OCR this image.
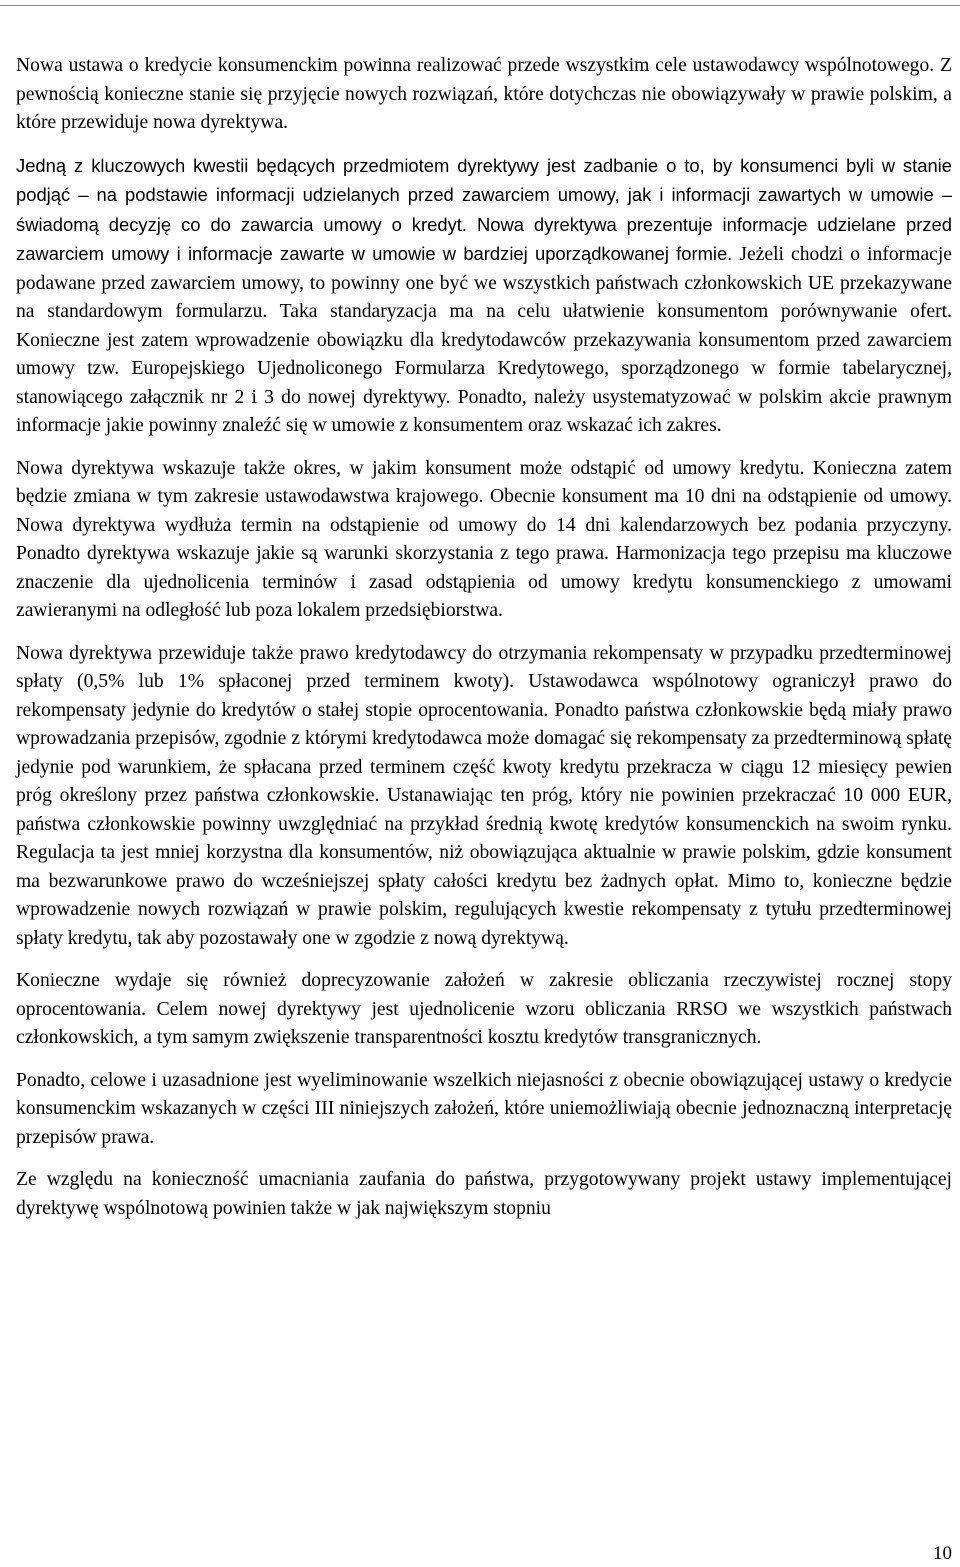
Nowa ustawa o kredycie konsumenckim powinna realizować przede wszystkim cele ustawodawcy wspólnotowego. Z pewnością konieczne stanie się przyjęcie nowych rozwiązań, które dotychczas nie obowiązywały w prawie polskim, a które przewiduje nowa dyrektywa.

Jedną z kluczowych kwestii będących przedmiotem dyrektywy jest zadbanie o to, by konsumenci byli w stanie podjąć – na podstawie informacji udzielanych przed zawarciem umowy, jak i informacji zawartych w umowie – świadomą decyzję co do zawarcia umowy o kredyt. Nowa dyrektywa prezentuje informacje udzielane przed zawarciem umowy i informacje zawarte w umowie w bardziej uporządkowanej formie. Jeżeli chodzi o informacje podawane przed zawarciem umowy, to powinny one być we wszystkich państwach członkowskich UE przekazywane na standardowym formularzu. Taka standaryzacja ma na celu ułatwienie konsumentom porównywanie ofert. Konieczne jest zatem wprowadzenie obowiązku dla kredytodawców przekazywania konsumentom przed zawarciem umowy tzw. Europejskiego Ujednoliconego Formularza Kredytowego, sporządzonego w formie tabelarycznej, stanowiącego załącznik nr 2 i 3 do nowej dyrektywy. Ponadto, należy usystematyzować w polskim akcie prawnym informacje jakie powinny znaleźć się w umowie z konsumentem oraz wskazać ich zakres.

Nowa dyrektywa wskazuje także okres, w jakim konsument może odstąpić od umowy kredytu. Konieczna zatem będzie zmiana w tym zakresie ustawodawstwa krajowego. Obecnie konsument ma 10 dni na odstąpienie od umowy. Nowa dyrektywa wydłuża termin na odstąpienie od umowy do 14 dni kalendarzowych bez podania przyczyny. Ponadto dyrektywa wskazuje jakie są warunki skorzystania z tego prawa. Harmonizacja tego przepisu ma kluczowe znaczenie dla ujednolicenia terminów i zasad odstąpienia od umowy kredytu konsumenckiego z umowami zawieranymi na odległość lub poza lokalem przedsiębiorstwa.

Nowa dyrektywa przewiduje także prawo kredytodawcy do otrzymania rekompensaty w przypadku przedterminowej spłaty (0,5% lub 1% spłaconej przed terminem kwoty). Ustawodawca wspólnotowy ograniczył prawo do rekompensaty jedynie do kredytów o stałej stopie oprocentowania. Ponadto państwa członkowskie będą miały prawo wprowadzania przepisów, zgodnie z którymi kredytodawca może domagać się rekompensaty za przedterminową spłatę jedynie pod warunkiem, że spłacana przed terminem część kwoty kredytu przekracza w ciągu 12 miesięcy pewien próg określony przez państwa członkowskie. Ustanawiając ten próg, który nie powinien przekraczać 10 000 EUR, państwa członkowskie powinny uwzględniać na przykład średnią kwotę kredytów konsumenckich na swoim rynku. Regulacja ta jest mniej korzystna dla konsumentów, niż obowiązująca aktualnie w prawie polskim, gdzie konsument ma bezwarunkowe prawo do wcześniejszej spłaty całości kredytu bez żadnych opłat. Mimo to, konieczne będzie wprowadzenie nowych rozwiązań w prawie polskim, regulujących kwestie rekompensaty z tytułu przedterminowej spłaty kredytu, tak aby pozostawały one w zgodzie z nową dyrektywą.

Konieczne wydaje się również doprecyzowanie założeń w zakresie obliczania rzeczywistej rocznej stopy oprocentowania. Celem nowej dyrektywy jest ujednolicenie wzoru obliczania RRSO we wszystkich państwach członkowskich, a tym samym zwiększenie transparentności kosztu kredytów transgranicznych.

Ponadto, celowe i uzasadnione jest wyeliminowanie wszelkich niejasności z obecnie obowiązującej ustawy o kredycie konsumenckim wskazanych w części III niniejszych założeń, które uniemożliwiają obecnie jednoznaczną interpretację przepisów prawa.

Ze względu na konieczność umacniania zaufania do państwa, przygotowywany projekt ustawy implementującej dyrektywę wspólnotową powinien także w jak największym stopniu

10
